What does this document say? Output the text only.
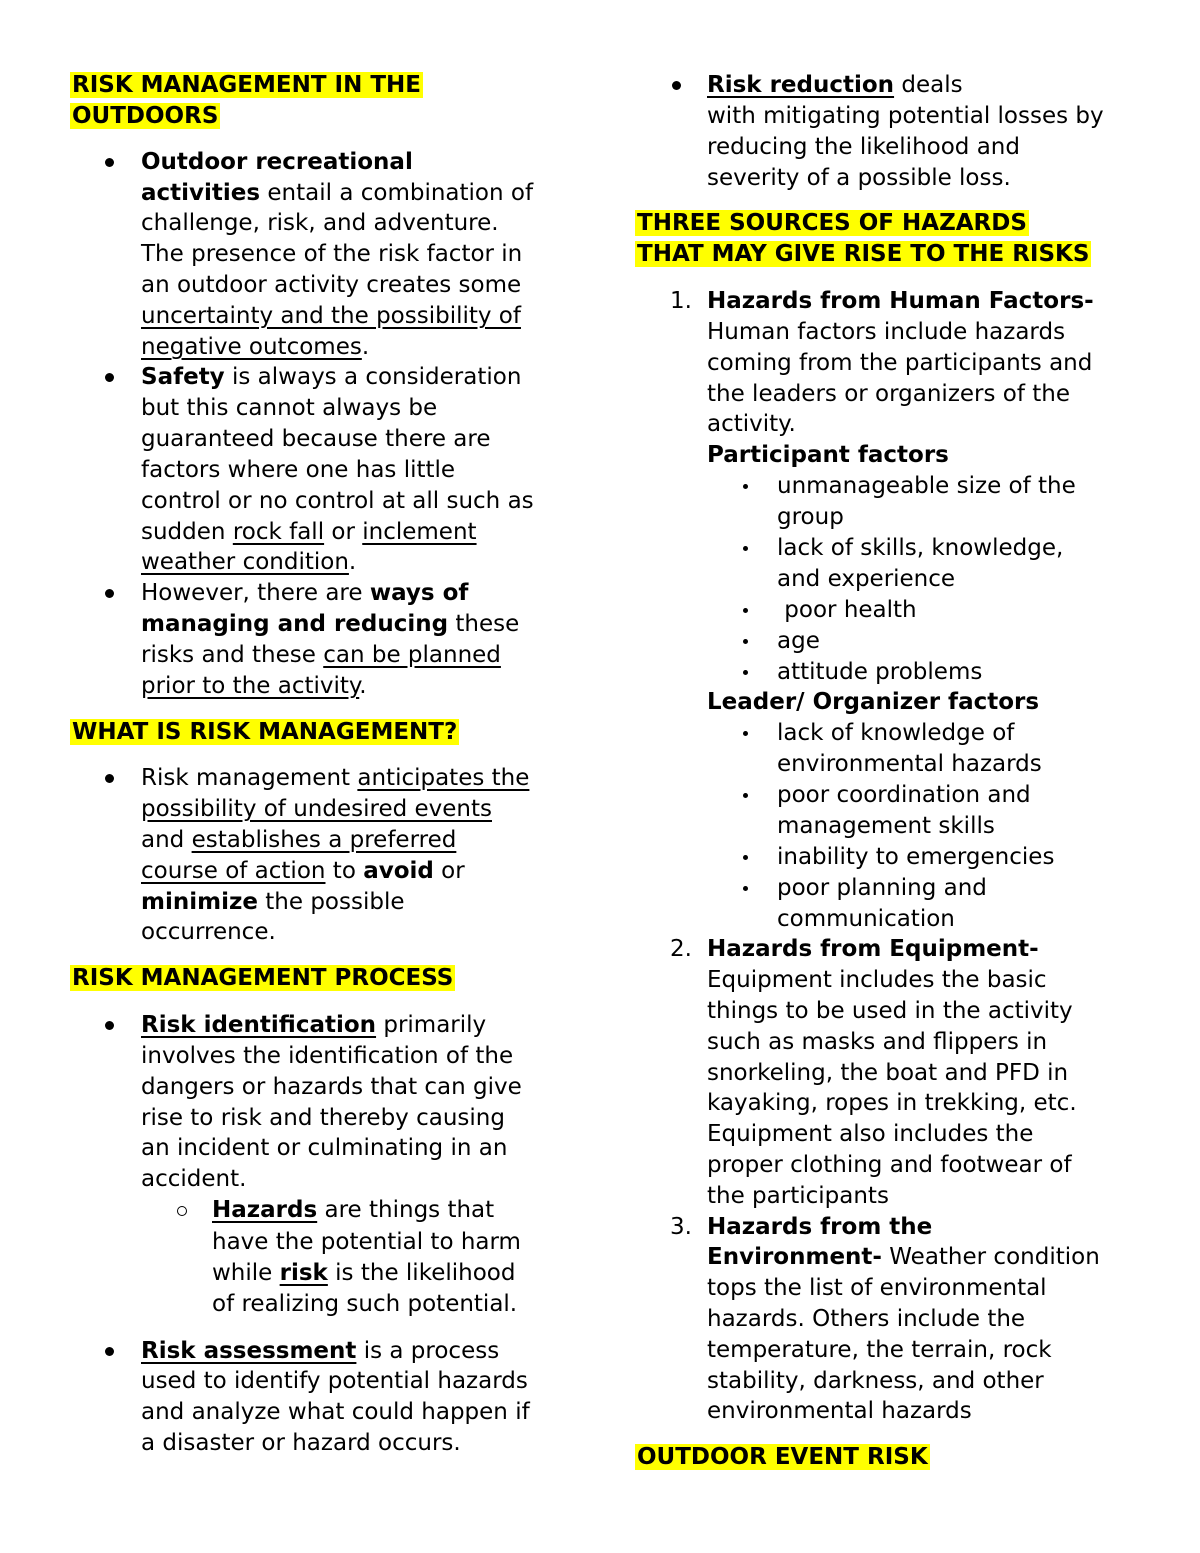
RISK MANAGEMENT IN THE
OUTDOORS
Outdoor recreational
activities entail a combination of
challenge, risk, and adventure.
The presence of the risk factor in
an outdoor activity creates some
uncertainty and the possibility of
negative outcomes.
Safety is always a consideration
but this cannot always be
guaranteed because there are
factors where one has little
control or no control at all such as
sudden rock fall or inclement
weather condition.
However, there are ways of
managing and reducing these
risks and these can be planned
prior to the activity.
WHAT IS RISK MANAGEMENT?
Risk management anticipates the
possibility of undesired events
and establishes a preferred
course of action to avoid or
minimize the possible
occurrence.
RISK MANAGEMENT PROCESS
Risk identification primarily
involves the identification of the
dangers or hazards that can give
rise to risk and thereby causing
an incident or culminating in an
accident.
Hazards are things that
have the potential to harm
while risk is the likelihood
of realizing such potential.
Risk assessment is a process
used to identify potential hazards
and analyze what could happen if
a disaster or hazard occurs.
Risk reduction deals
with mitigating potential losses by
reducing the likelihood and
severity of a possible loss.
THREE SOURCES OF HAZARDS
THAT MAY GIVE RISE TO THE RISKS
1. Hazards from Human Factors-
Human factors include hazards
coming from the participants and
the leaders or organizers of the
activity.
Participant factors
unmanageable size of the
group
lack of skills, knowledge,
and experience
poor health
age
attitude problems
Leader/ Organizer factors
lack of knowledge of
environmental hazards
poor coordination and
management skills
inability to emergencies
poor planning and
communication
2. Hazards from Equipment-
Equipment includes the basic
things to be used in the activity
such as masks and flippers in
snorkeling, the boat and PFD in
kayaking, ropes in trekking, etc.
Equipment also includes the
proper clothing and footwear of
the participants
3. Hazards from the
Environment- Weather condition
tops the list of environmental
hazards. Others include the
temperature, the terrain, rock
stability, darkness, and other
environmental hazards
OUTDOOR EVENT RISK
